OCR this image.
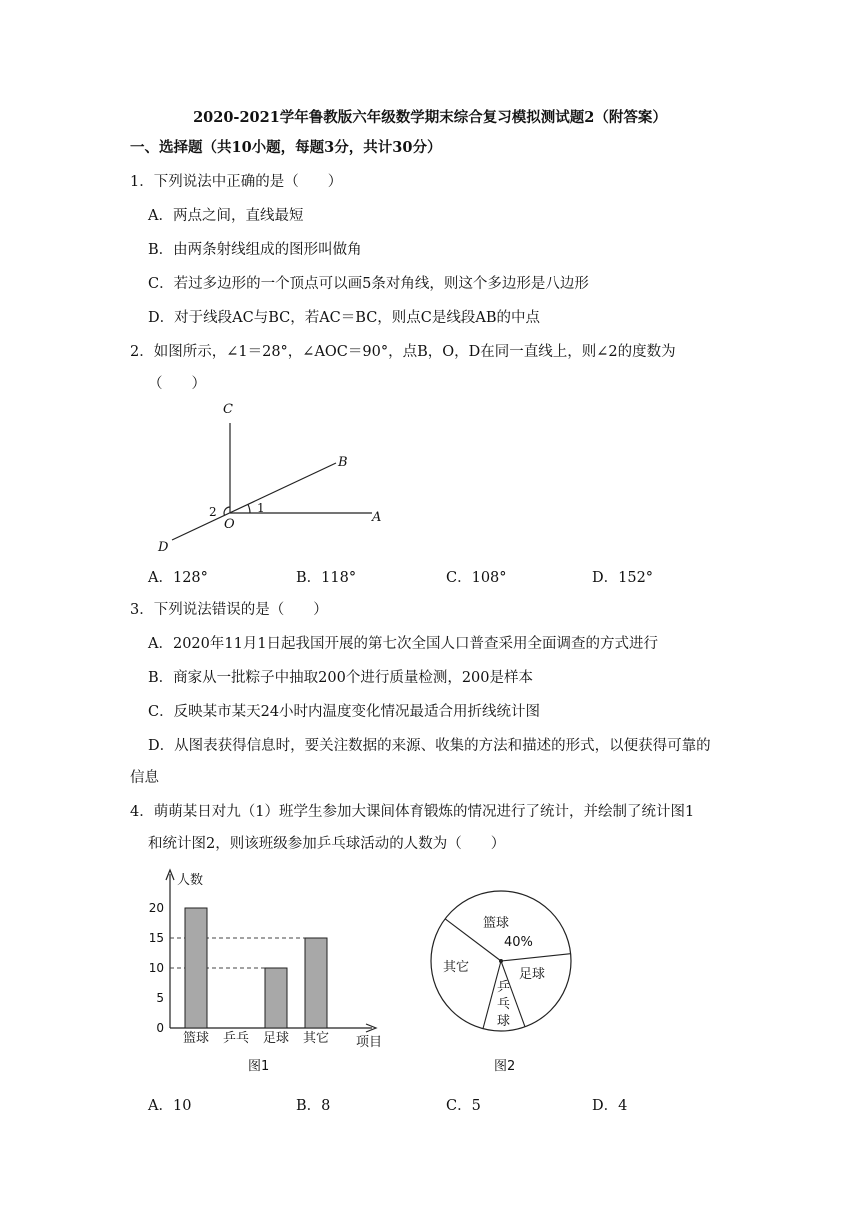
2020-2021学年鲁教版六年级数学期末综合复习模拟测试题2（附答案）
一、选择题（共10小题，每题3分，共计30分）
1．下列说法中正确的是（　　）
A．两点之间，直线最短
B．由两条射线组成的图形叫做角
C．若过多边形的一个顶点可以画5条对角线，则这个多边形是八边形
D．对于线段AC与BC，若AC＝BC，则点C是线段AB的中点
2．如图所示，∠1＝28°，∠AOC＝90°，点B，O，D在同一直线上，则∠2的度数为
（　　）
C
B
A
O
D
1
2
A．128°	B．118°	C．108°	D．152°
3．下列说法错误的是（　　）
A．2020年11月1日起我国开展的第七次全国人口普查采用全面调查的方式进行
B．商家从一批粽子中抽取200个进行质量检测，200是样本
C．反映某市某天24小时内温度变化情况最适合用折线统计图
D．从图表获得信息时，要关注数据的来源、收集的方法和描述的形式，以便获得可靠的
信息
4．萌萌某日对九（1）班学生参加大课间体育锻炼的情况进行了统计，并绘制了统计图1
和统计图2，则该班级参加乒乓球活动的人数为（　　）
0
5
10
15
20
篮球 乒乓 足球 其它
人数
项目
图1
篮球
40%
足球
其它
乒
乓
球
图2
A．10	B．8	C．5	D．4
